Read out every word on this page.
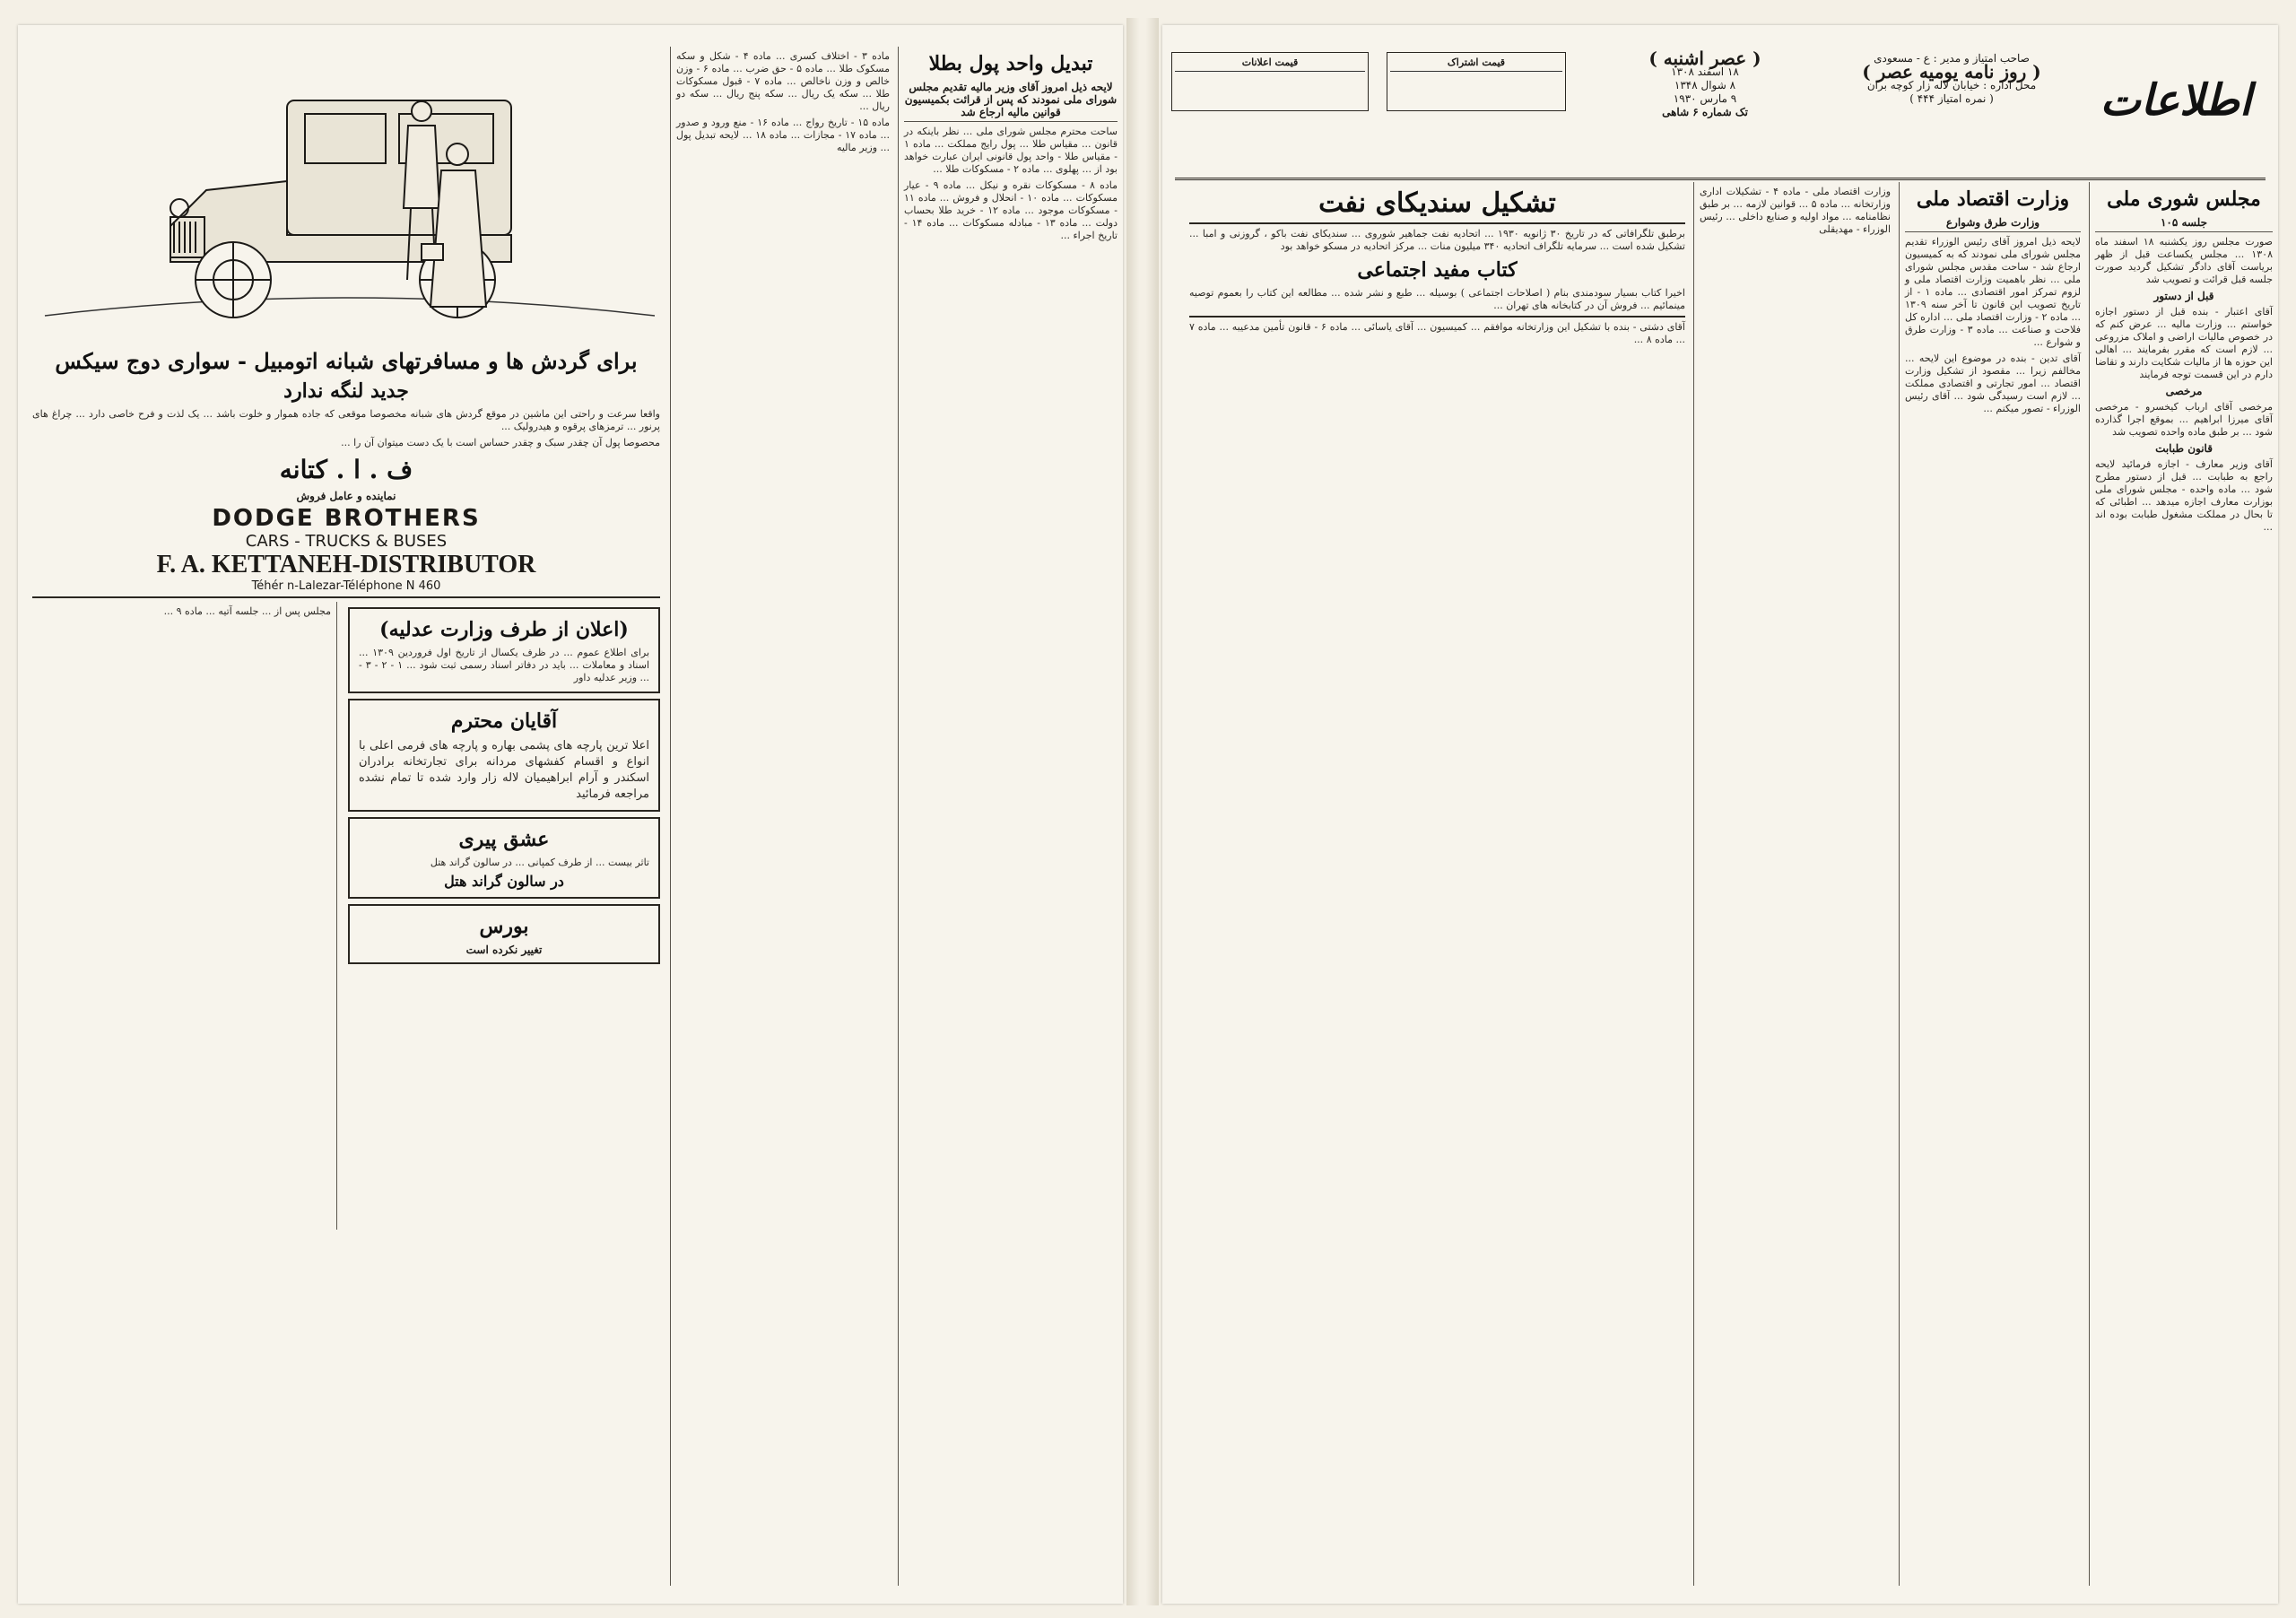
اطلاعات
صاحب امتیاز و مدیر : ع - مسعودی
( روز نامه یومیه عصر )
محل اداره : خیابان لاله زار کوچه بران
( نمره امتیاز ۴۴۴ )
( عصر اشنبه )
۱۸ اسفند ۱۳۰۸
۸ شوال ۱۳۴۸
۹ مارس ۱۹۳۰
تک شماره ۶ شاهی
قیمت اشتراک
قیمت اعلانات
مجلس شوری ملی
جلسه ۱۰۵
صورت مجلس روز یکشنبه ۱۸ اسفند ماه ۱۳۰۸ ... مجلس یکساعت قبل از ظهر بریاست آقای دادگر تشکیل گردید صورت جلسه قبل قرائت و تصویب شد
قبل از دستور
آقای اعتبار - بنده قبل از دستور اجازه خواستم ... وزارت مالیه ... عرض کنم که در خصوص مالیات اراضی و املاک مزروعی ... لازم است که مقرر بفرمایند ... اهالی این حوزه ها از مالیات شکایت دارند و تقاضا دارم در این قسمت توجه فرمایند
مرخصی
مرخصی آقای ارباب کیخسرو - مرخصی آقای میرزا ابراهیم ... بموقع اجرا گذارده شود ... بر طبق ماده واحده تصویب شد
قانون طبابت
آقای وزیر معارف - اجازه فرمائید لایحه راجع به طبابت ... قبل از دستور مطرح شود ... ماده واحده - مجلس شورای ملی بوزارت معارف اجازه میدهد ... اطبائی که تا بحال در مملکت مشغول طبابت بوده اند ...
وزارت اقتصاد ملی
وزارت طرق وشوارع
لایحه ذیل امروز آقای رئیس الوزراء تقدیم مجلس شورای ملی نمودند که به کمیسیون ارجاع شد - ساحت مقدس مجلس شورای ملی ... نظر باهمیت وزارت اقتصاد ملی و لزوم تمرکز امور اقتصادی ... ماده ۱ - از تاریخ تصویب این قانون تا آخر سنه ۱۳۰۹ ... ماده ۲ - وزارت اقتصاد ملی ... اداره کل فلاحت و صناعت ... ماده ۳ - وزارت طرق و شوارع ...
آقای تدین - بنده در موضوع این لایحه ... مخالفم زیرا ... مقصود از تشکیل وزارت اقتصاد ... امور تجارتی و اقتصادی مملکت ... لازم است رسیدگی شود ... آقای رئیس الوزراء - تصور میکنم ...
وزارت اقتصاد ملی - ماده ۴ - تشکیلات اداری وزارتخانه ... ماده ۵ ... قوانین لازمه ... بر طبق نظامنامه ... مواد اولیه و صنایع داخلی ... رئیس الوزراء - مهدیقلی
تشکیل سندیکای نفت
برطبق تلگرافاتی که در تاریخ ۳۰ ژانویه ۱۹۳۰ ... اتحادیه نفت جماهیر شوروی ... سندیکای نفت باکو ، گروزنی و امبا ... تشکیل شده است ... سرمایه تلگراف اتحادیه ۳۴۰ میلیون منات ... مرکز اتحادیه در مسکو خواهد بود
کتاب مفید اجتماعی
اخیرا کتاب بسیار سودمندی بنام ( اصلاحات اجتماعی ) بوسیله ... طبع و نشر شده ... مطالعه این کتاب را بعموم توصیه مینمائیم ... فروش آن در کتابخانه های تهران ...
آقای دشتی - بنده با تشکیل این وزارتخانه موافقم ... کمیسیون ... آقای یاسائی ... ماده ۶ - قانون تأمین مدعیبه ... ماده ۷ ... ماده ۸ ...
تبدیل واحد پول بطلا
لایحه ذیل امروز آقای وزیر مالیه تقدیم مجلس شورای ملی نمودند که پس از قرائت بکمیسیون قوانین مالیه ارجاع شد
ساحت محترم مجلس شورای ملی ... نظر باینکه در قانون ... مقیاس طلا ... پول رایج مملکت ... ماده ۱ - مقیاس طلا - واحد پول قانونی ایران عبارت خواهد بود از ... پهلوی ... ماده ۲ - مسکوکات طلا ...
ماده ۸ - مسکوکات نقره و نیکل ... ماده ۹ - عیار مسکوکات ... ماده ۱۰ - انحلال و فروش ... ماده ۱۱ - مسکوکات موجود ... ماده ۱۲ - خرید طلا بحساب دولت ... ماده ۱۳ - مبادله مسکوکات ... ماده ۱۴ - تاریخ اجراء ...
ماده ۳ - اختلاف کسری ... ماده ۴ - شکل و سکه مسکوک طلا ... ماده ۵ - حق ضرب ... ماده ۶ - وزن خالص و وزن ناخالص ... ماده ۷ - قبول مسکوکات طلا ... سکه یک ریال ... سکه پنج ریال ... سکه دو ریال ...
ماده ۱۵ - تاریخ رواج ... ماده ۱۶ - منع ورود و صدور ... ماده ۱۷ - مجازات ... ماده ۱۸ ... لایحه تبدیل پول ... وزیر مالیه
برای گردش ها و مسافرتهای شبانه اتومبیل - سواری دوج سیکس
جدید لنگه ندارد
واقعا سرعت و راحتی این ماشین در موقع گردش های شبانه مخصوصا موقعی که جاده هموار و خلوت باشد ... یک لذت و فرح خاصی دارد ... چراغ های پرنور ... ترمزهای پرقوه و هیدرولیک ...
محصوصا پول آن چقدر سبک و چقدر حساس است با یک دست میتوان آن را ...
ف . ا . کتانه
نماینده و عامل فروش
DODGE BROTHERS
CARS - TRUCKS & BUSES
F. A. KETTANEH-DISTRIBUTOR
Téhér n-Lalezar-Téléphone N 460
(اعلان از طرف وزارت عدلیه)
برای اطلاع عموم ... در ظرف یکسال از تاریخ اول فروردین ۱۳۰۹ ... اسناد و معاملات ... باید در دفاتر اسناد رسمی ثبت شود ... ۱ - ۲ - ۳ - ... وزیر عدلیه داور
آقایان محترم
اعلا ترین پارچه های پشمی بهاره و پارچه های فرمی اعلی با انواع و اقسام کفشهای مردانه برای تجارتخانه برادران اسکندر و آرام ابراهیمیان لاله زار وارد شده تا تمام نشده مراجعه فرمائید
عشق پیری
تاثر بیست ... از طرف کمپانی ... در سالون گراند هتل
در سالون گراند هتل
بورس
تغییر نکرده است
مجلس پس از ... جلسه آتیه ... ماده ۹ ...
